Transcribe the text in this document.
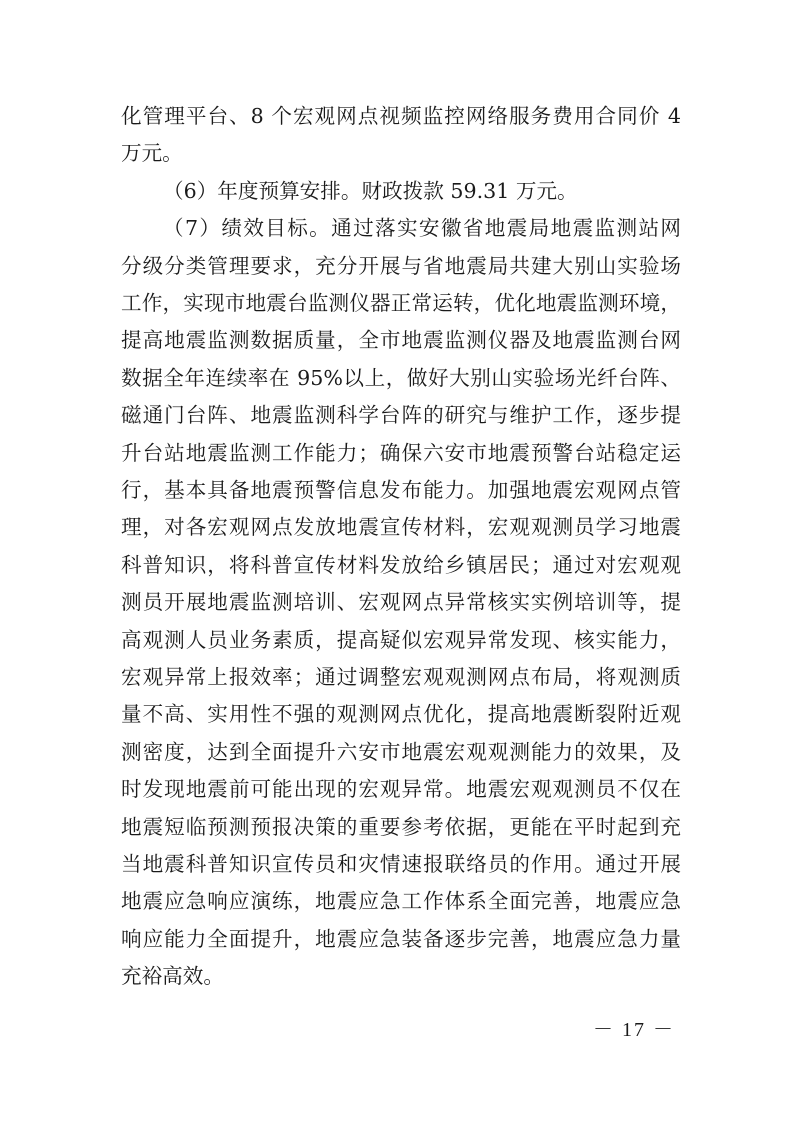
化管理平台、8 个宏观网点视频监控网络服务费用合同价 4
万元。
（6）年度预算安排。财政拨款 59.31 万元。
（7）绩效目标。通过落实安徽省地震局地震监测站网
分级分类管理要求，充分开展与省地震局共建大别山实验场
工作，实现市地震台监测仪器正常运转，优化地震监测环境，
提高地震监测数据质量，全市地震监测仪器及地震监测台网
数据全年连续率在 95%以上，做好大别山实验场光纤台阵、
磁通门台阵、地震监测科学台阵的研究与维护工作，逐步提
升台站地震监测工作能力；确保六安市地震预警台站稳定运
行，基本具备地震预警信息发布能力。加强地震宏观网点管
理，对各宏观网点发放地震宣传材料，宏观观测员学习地震
科普知识，将科普宣传材料发放给乡镇居民；通过对宏观观
测员开展地震监测培训、宏观网点异常核实实例培训等，提
高观测人员业务素质，提高疑似宏观异常发现、核实能力，
宏观异常上报效率；通过调整宏观观测网点布局，将观测质
量不高、实用性不强的观测网点优化，提高地震断裂附近观
测密度，达到全面提升六安市地震宏观观测能力的效果，及
时发现地震前可能出现的宏观异常。地震宏观观测员不仅在
地震短临预测预报决策的重要参考依据，更能在平时起到充
当地震科普知识宣传员和灾情速报联络员的作用。通过开展
地震应急响应演练，地震应急工作体系全面完善，地震应急
响应能力全面提升，地震应急装备逐步完善，地震应急力量
充裕高效。
－ 17 －
